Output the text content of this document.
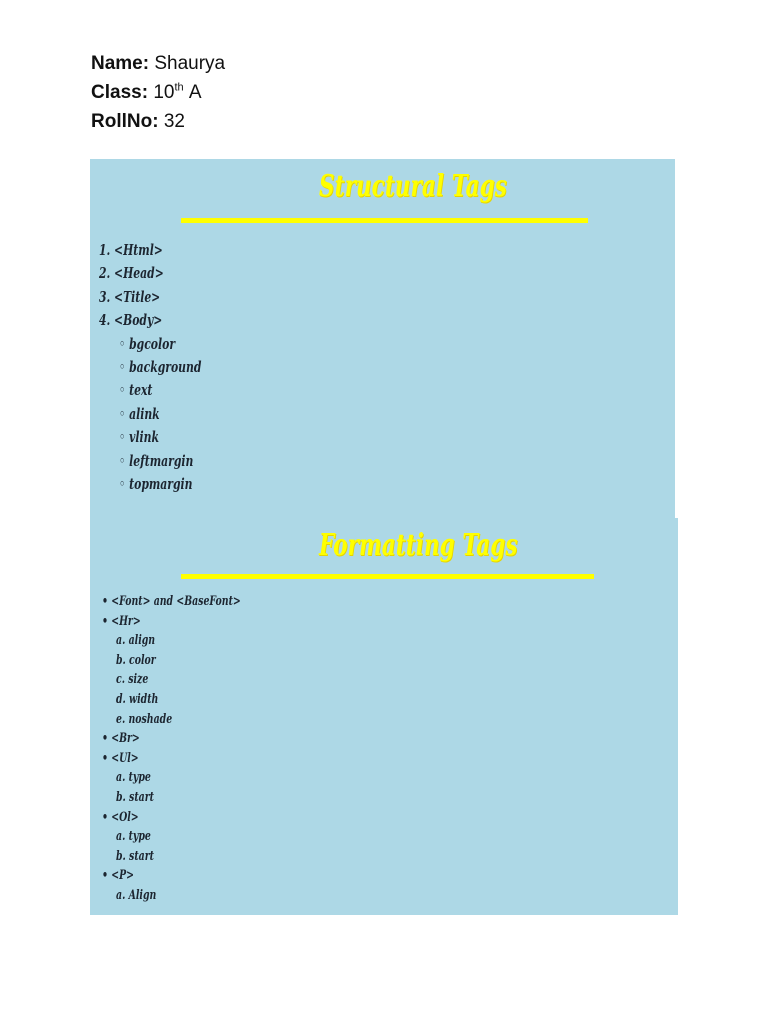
Name: Shaurya
Class: 10th A
RollNo: 32
Structural Tags
1. <Html>
2. <Head>
3. <Title>
4. <Body>
◦ bgcolor
◦ background
◦ text
◦ alink
◦ vlink
◦ leftmargin
◦ topmargin
Formatting Tags
• <Font> and <BaseFont>
• <Hr>
a. align
b. color
c. size
d. width
e. noshade
• <Br>
• <Ul>
a. type
b. start
• <Ol>
a. type
b. start
• <P>
a. Align
